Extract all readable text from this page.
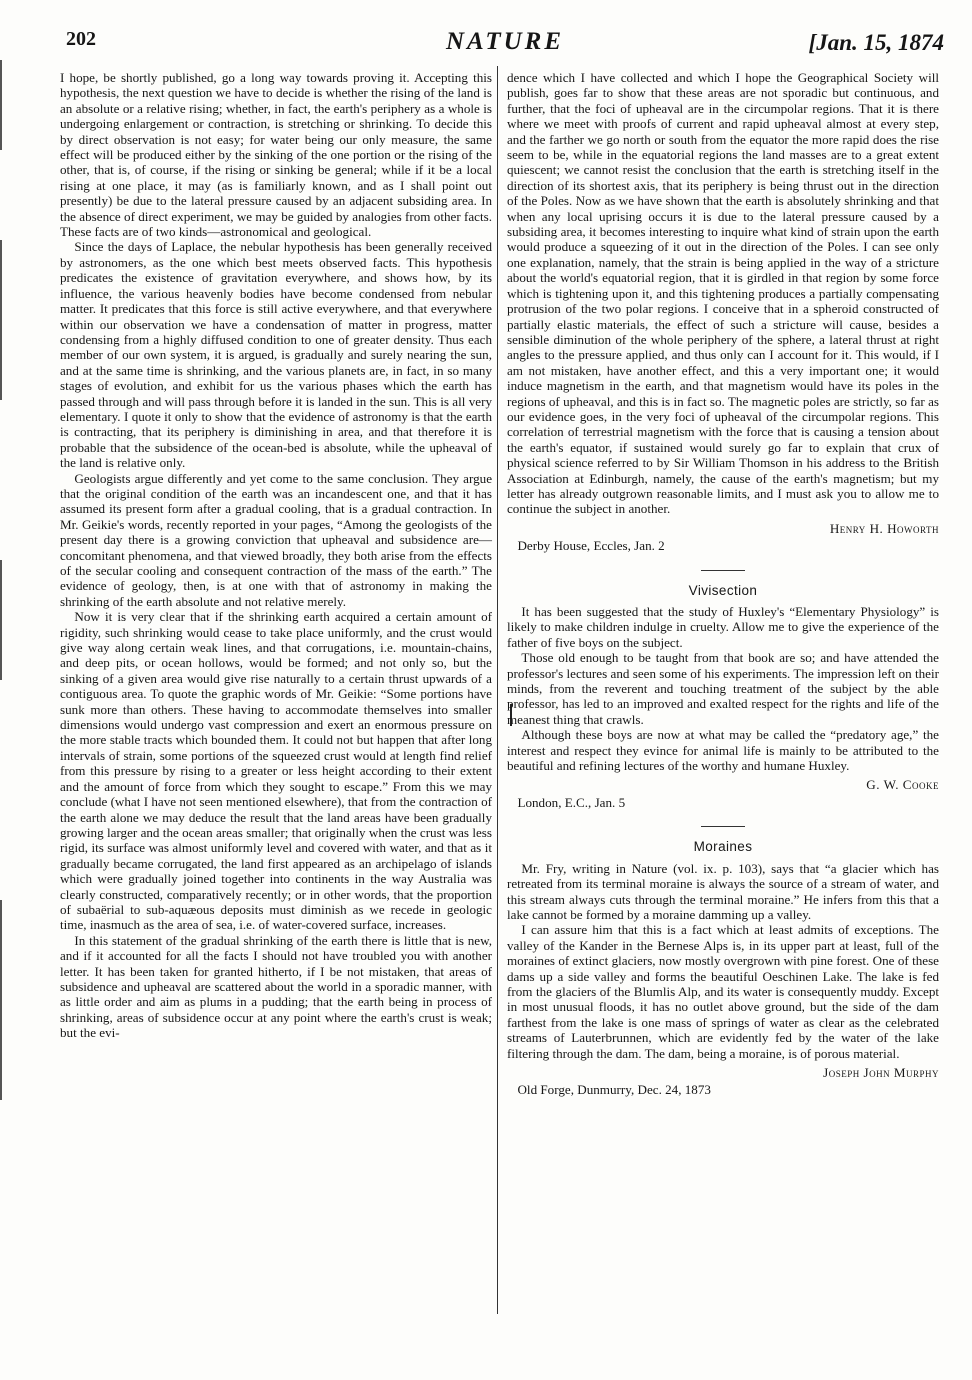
202	NATURE	[Jan. 15, 1874

I hope, be shortly published, go a long way towards proving it. Accepting this hypothesis, the next question we have to decide is whether the rising of the land is an absolute or a relative rising; whether, in fact, the earth's periphery as a whole is undergoing enlargement or contraction, is stretching or shrinking. To decide this by direct observation is not easy; for water being our only measure, the same effect will be produced either by the sinking of the one portion or the rising of the other, that is, of course, if the rising or sinking be general; while if it be a local rising at one place, it may (as is familiarly known, and as I shall point out presently) be due to the lateral pressure caused by an adjacent subsiding area. In the absence of direct experiment, we may be guided by analogies from other facts. These facts are of two kinds—astronomical and geological.

Since the days of Laplace, the nebular hypothesis has been generally received by astronomers, as the one which best meets observed facts. This hypothesis predicates the existence of gravitation everywhere, and shows how, by its influence, the various heavenly bodies have become condensed from nebular matter. It predicates that this force is still active everywhere, and that everywhere within our observation we have a condensation of matter in progress, matter condensing from a highly diffused condition to one of greater density. Thus each member of our own system, it is argued, is gradually and surely nearing the sun, and at the same time is shrinking, and the various planets are, in fact, in so many stages of evolution, and exhibit for us the various phases which the earth has passed through and will pass through before it is landed in the sun. This is all very elementary. I quote it only to show that the evidence of astronomy is that the earth is contracting, that its periphery is diminishing in area, and that therefore it is probable that the subsidence of the ocean-bed is absolute, while the upheaval of the land is relative only.

Geologists argue differently and yet come to the same conclusion. They argue that the original condition of the earth was an incandescent one, and that it has assumed its present form after a gradual cooling, that is a gradual contraction. In Mr. Geikie's words, recently reported in your pages, “Among the geologists of the present day there is a growing conviction that upheaval and subsidence are—concomitant phenomena, and that viewed broadly, they both arise from the effects of the secular cooling and consequent contraction of the mass of the earth.” The evidence of geology, then, is at one with that of astronomy in making the shrinking of the earth absolute and not relative merely.

Now it is very clear that if the shrinking earth acquired a certain amount of rigidity, such shrinking would cease to take place uniformly, and the crust would give way along certain weak lines, and that corrugations, i.e. mountain-chains, and deep pits, or ocean hollows, would be formed; and not only so, but the sinking of a given area would give rise naturally to a certain thrust upwards of a contiguous area. To quote the graphic words of Mr. Geikie: “Some portions have sunk more than others. These having to accommodate themselves into smaller dimensions would undergo vast compression and exert an enormous pressure on the more stable tracts which bounded them. It could not but happen that after long intervals of strain, some portions of the squeezed crust would at length find relief from this pressure by rising to a greater or less height according to their extent and the amount of force from which they sought to escape.” From this we may conclude (what I have not seen mentioned elsewhere), that from the contraction of the earth alone we may deduce the result that the land areas have been gradually growing larger and the ocean areas smaller; that originally when the crust was less rigid, its surface was almost uniformly level and covered with water, and that as it gradually became corrugated, the land first appeared as an archipelago of islands which were gradually joined together into continents in the way Australia was clearly constructed, comparatively recently; or in other words, that the proportion of subaërial to sub-aquæous deposits must diminish as we recede in geologic time, inasmuch as the area of sea, i.e. of water-covered surface, increases.

In this statement of the gradual shrinking of the earth there is little that is new, and if it accounted for all the facts I should not have troubled you with another letter. It has been taken for granted hitherto, if I be not mistaken, that areas of subsidence and upheaval are scattered about the world in a sporadic manner, with as little order and aim as plums in a pudding; that the earth being in process of shrinking, areas of subsidence occur at any point where the earth's crust is weak; but the evi-

dence which I have collected and which I hope the Geographical Society will publish, goes far to show that these areas are not sporadic but continuous, and further, that the foci of upheaval are in the circumpolar regions. That it is there where we meet with proofs of current and rapid upheaval almost at every step, and the farther we go north or south from the equator the more rapid does the rise seem to be, while in the equatorial regions the land masses are to a great extent quiescent; we cannot resist the conclusion that the earth is stretching itself in the direction of its shortest axis, that its periphery is being thrust out in the direction of the Poles. Now as we have shown that the earth is absolutely shrinking and that when any local uprising occurs it is due to the lateral pressure caused by a subsiding area, it becomes interesting to inquire what kind of strain upon the earth would produce a squeezing of it out in the direction of the Poles. I can see only one explanation, namely, that the strain is being applied in the way of a stricture about the world's equatorial region, that it is girdled in that region by some force which is tightening upon it, and this tightening produces a partially compensating protrusion of the two polar regions. I conceive that in a spheroid constructed of partially elastic materials, the effect of such a stricture will cause, besides a sensible diminution of the whole periphery of the sphere, a lateral thrust at right angles to the pressure applied, and thus only can I account for it. This would, if I am not mistaken, have another effect, and this a very important one; it would induce magnetism in the earth, and that magnetism would have its poles in the regions of upheaval, and this is in fact so. The magnetic poles are strictly, so far as our evidence goes, in the very foci of upheaval of the circumpolar regions. This correlation of terrestrial magnetism with the force that is causing a tension about the earth's equator, if sustained would surely go far to explain that crux of physical science referred to by Sir William Thomson in his address to the British Association at Edinburgh, namely, the cause of the earth's magnetism; but my letter has already outgrown reasonable limits, and I must ask you to allow me to continue the subject in another.

Henry H. Howorth
Derby House, Eccles, Jan. 2
Vivisection

It has been suggested that the study of Huxley's “Elementary Physiology” is likely to make children indulge in cruelty. Allow me to give the experience of the father of five boys on the subject.

Those old enough to be taught from that book are so; and have attended the professor's lectures and seen some of his experiments. The impression left on their minds, from the reverent and touching treatment of the subject by the able professor, has led to an improved and exalted respect for the rights and life of the meanest thing that crawls.

Although these boys are now at what may be called the “predatory age,” the interest and respect they evince for animal life is mainly to be attributed to the beautiful and refining lectures of the worthy and humane Huxley.

G. W. Cooke
London, E.C., Jan. 5
Moraines

Mr. Fry, writing in Nature (vol. ix. p. 103), says that “a glacier which has retreated from its terminal moraine is always the source of a stream of water, and this stream always cuts through the terminal moraine.” He infers from this that a lake cannot be formed by a moraine damming up a valley.

I can assure him that this is a fact which at least admits of exceptions. The valley of the Kander in the Bernese Alps is, in its upper part at least, full of the moraines of extinct glaciers, now mostly overgrown with pine forest. One of these dams up a side valley and forms the beautiful Oeschinen Lake. The lake is fed from the glaciers of the Blumlis Alp, and its water is consequently muddy. Except in most unusual floods, it has no outlet above ground, but the side of the dam farthest from the lake is one mass of springs of water as clear as the celebrated streams of Lauterbrunnen, which are evidently fed by the water of the lake filtering through the dam. The dam, being a moraine, is of porous material.

Joseph John Murphy
Old Forge, Dunmurry, Dec. 24, 1873
